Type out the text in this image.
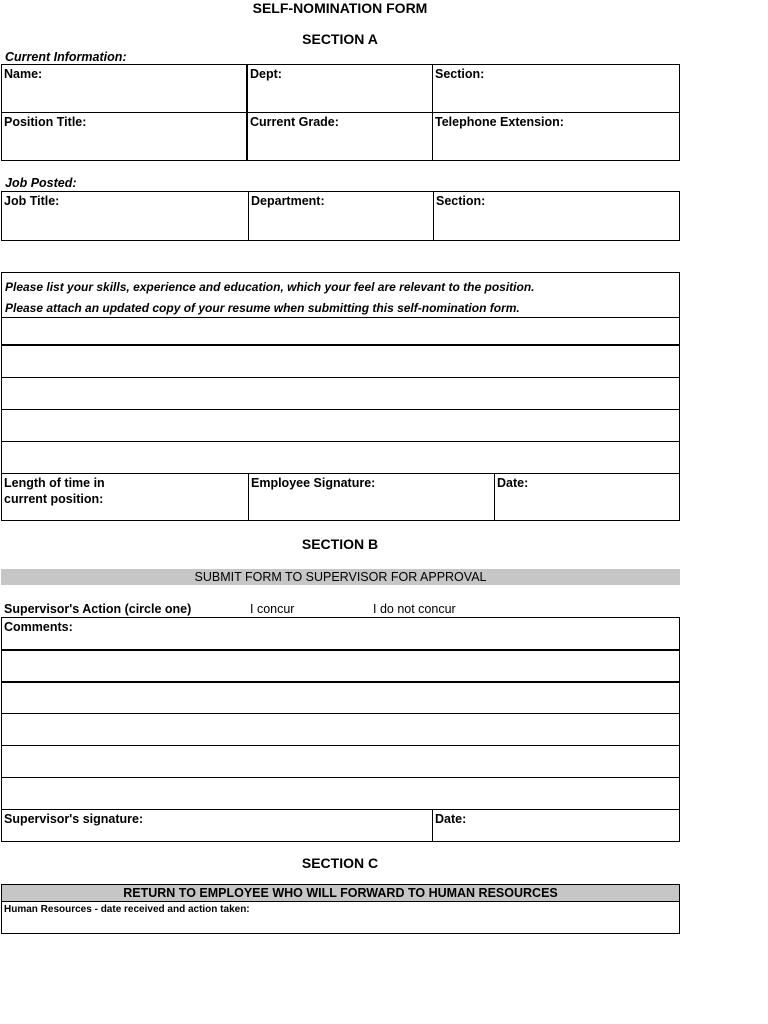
SELF-NOMINATION FORM
SECTION A
Current Information:
Name:	Dept:	Section:
Position Title:	Current Grade:	Telephone Extension:
Job Posted:
Job Title:	Department:	Section:
Please list your skills, experience and education, which your feel are relevant to the position.
Please attach an updated copy of your resume when submitting this self-nomination form.
Length of time in
current position:
Employee Signature:	Date:
SECTION B
SUBMIT FORM TO SUPERVISOR FOR APPROVAL
Supervisor's Action (circle one)	I concur	I do not concur
Comments:
Supervisor's signature:	Date:
SECTION C
RETURN TO EMPLOYEE WHO WILL FORWARD TO HUMAN RESOURCES
Human Resources - date received and action taken:
